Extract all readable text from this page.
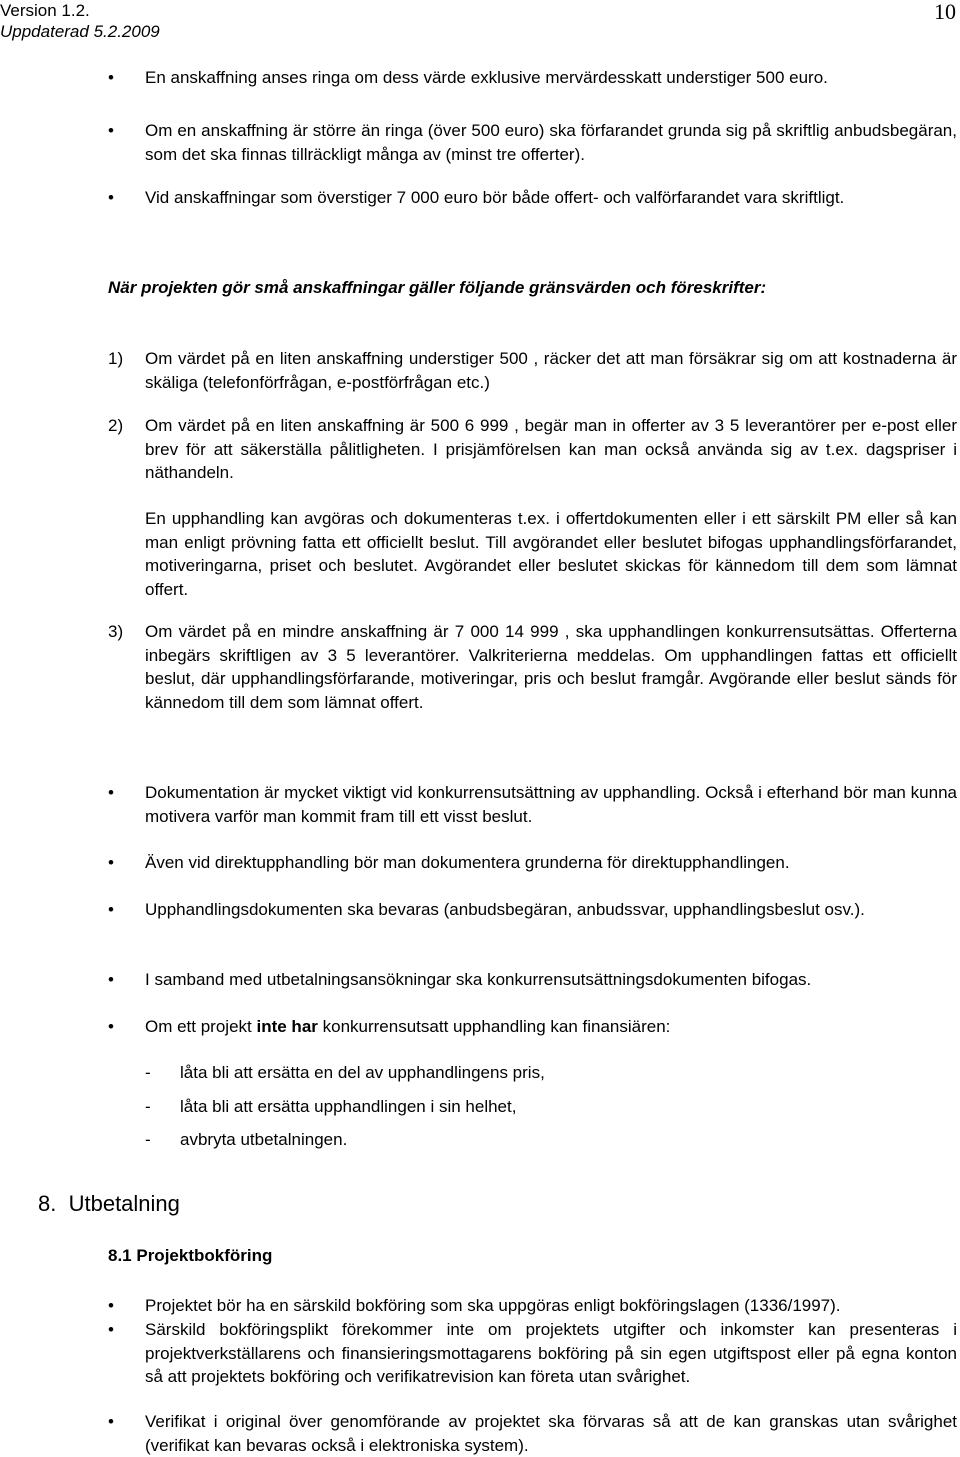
Version 1.2.
Uppdaterad 5.2.2009
10
• En anskaffning anses ringa om dess värde exklusive mervärdesskatt understiger 500 euro.
• Om en anskaffning är större än ringa (över 500 euro) ska förfarandet grunda sig på skriftlig anbudsbegäran, som det ska finnas tillräckligt många av (minst tre offerter).
• Vid anskaffningar som överstiger 7 000 euro bör både offert- och valförfarandet vara skriftligt.
När projekten gör små anskaffningar gäller följande gränsvärden och föreskrifter:
1) Om värdet på en liten anskaffning understiger 500 , räcker det att man försäkrar sig om att kostnaderna är skäliga (telefonförfrågan, e-postförfrågan etc.)
2) Om värdet på en liten anskaffning är 500 6 999 , begär man in offerter av 3 5 leverantörer per e-post eller brev för att säkerställa pålitligheten. I prisjämförelsen kan man också använda sig av t.ex. dagspriser i näthandeln.
En upphandling kan avgöras och dokumenteras t.ex. i offertdokumenten eller i ett särskilt PM eller så kan man enligt prövning fatta ett officiellt beslut. Till avgörandet eller beslutet bifogas upphandlingsförfarandet, motiveringarna, priset och beslutet. Avgörandet eller beslutet skickas för kännedom till dem som lämnat offert.
3) Om värdet på en mindre anskaffning är 7 000 14 999 , ska upphandlingen konkurrensutsättas. Offerterna inbegärs skriftligen av 3 5 leverantörer. Valkriterierna meddelas. Om upphandlingen fattas ett officiellt beslut, där upphandlingsförfarande, motiveringar, pris och beslut framgår. Avgörande eller beslut sänds för kännedom till dem som lämnat offert.
• Dokumentation är mycket viktigt vid konkurrensutsättning av upphandling. Också i efterhand bör man kunna motivera varför man kommit fram till ett visst beslut.
• Även vid direktupphandling bör man dokumentera grunderna för direktupphandlingen.
• Upphandlingsdokumenten ska bevaras (anbudsbegäran, anbudssvar, upphandlingsbeslut osv.).
• I samband med utbetalningsansökningar ska konkurrensutsättningsdokumenten bifogas.
• Om ett projekt inte har konkurrensutsatt upphandling kan finansiären:
- låta bli att ersätta en del av upphandlingens pris,
- låta bli att ersätta upphandlingen i sin helhet,
- avbryta utbetalningen.
8. Utbetalning
8.1 Projektbokföring
• Projektet bör ha en särskild bokföring som ska uppgöras enligt bokföringslagen (1336/1997).
• Särskild bokföringsplikt förekommer inte om projektets utgifter och inkomster kan presenteras i projektverkställarens och finansieringsmottagarens bokföring på sin egen utgiftspost eller på egna konton så att projektets bokföring och verifikatrevision kan företa utan svårighet.
• Verifikat i original över genomförande av projektet ska förvaras så att de kan granskas utan svårighet (verifikat kan bevaras också i elektroniska system).
